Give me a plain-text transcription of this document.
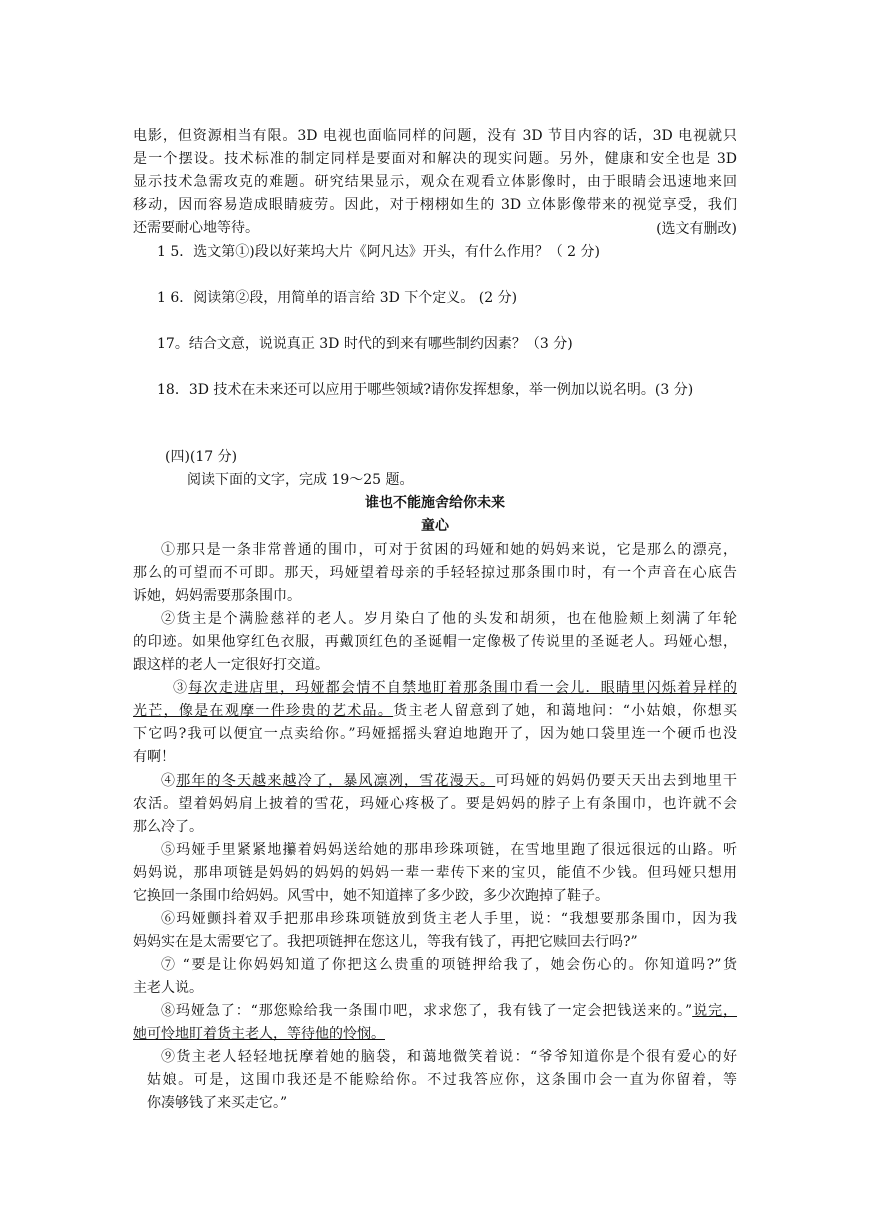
电影，但资源相当有限。3D 电视也面临同样的问题，没有 3D 节目内容的话，3D 电视就只
是一个摆设。技术标准的制定同样是要面对和解决的现实问题。另外，健康和安全也是 3D
显示技术急需攻克的难题。研究结果显示，观众在观看立体影像时，由于眼睛会迅速地来回
移动，因而容易造成眼睛疲劳。因此，对于栩栩如生的 3D 立体影像带来的视觉享受，我们
还需要耐心地等待。	(选文有删改)
1 5．选文第①)段以好莱坞大片《阿凡达》开头，有什么作用？（ 2 分)
1 6．阅读第②段，用简单的语言给 3D 下个定义。 (2 分)
17。结合文意，说说真正 3D 时代的到来有哪些制约因素？（3 分)
18．3D 技术在未来还可以应用于哪些领域?请你发挥想象，举一例加以说名明。(3 分)
(四)(17 分)
阅读下面的文字，完成 19～25 题。
谁也不能施舍给你未来
童心
①那只是一条非常普通的围巾，可对于贫困的玛娅和她的妈妈来说，它是那么的漂亮，
那么的可望而不可即。那天，玛娅望着母亲的手轻轻掠过那条围巾时，有一个声音在心底告
诉她，妈妈需要那条围巾。
②货主是个满脸慈祥的老人。岁月染白了他的头发和胡须，也在他脸颊上刻满了年轮
的印迹。如果他穿红色衣服，再戴顶红色的圣诞帽一定像极了传说里的圣诞老人。玛娅心想，
跟这样的老人一定很好打交道。
③每次走进店里，玛娅都会情不自禁地盯着那条围巾看一会儿．眼睛里闪烁着异样的
光芒，像是在观摩一件珍贵的艺术品。货主老人留意到了她，和蔼地问：“小姑娘，你想买
下它吗?我可以便宜一点卖给你。”玛娅摇摇头窘迫地跑开了，因为她口袋里连一个硬币也没
有啊！
④那年的冬天越来越冷了，暴风凛冽，雪花漫天。可玛娅的妈妈仍要天天出去到地里干
农活。望着妈妈肩上披着的雪花，玛娅心疼极了。要是妈妈的脖子上有条围巾，也许就不会
那么冷了。
⑤玛娅手里紧紧地攥着妈妈送给她的那串珍珠项链，在雪地里跑了很远很远的山路。听
妈妈说，那串项链是妈妈的妈妈的妈妈一辈一辈传下来的宝贝，能值不少钱。但玛娅只想用
它换回一条围巾给妈妈。风雪中，她不知道摔了多少跤，多少次跑掉了鞋子。
⑥玛娅颤抖着双手把那串珍珠项链放到货主老人手里，说：“我想要那条围巾，因为我
妈妈实在是太需要它了。我把项链押在您这儿，等我有钱了，再把它赎回去行吗?”
⑦ “要是让你妈妈知道了你把这么贵重的项链押给我了，她会伤心的。你知道吗?”货
主老人说。
⑧玛娅急了：“那您赊给我一条围巾吧，求求您了，我有钱了一定会把钱送来的。”说完，
她可怜地盯着货主老人，等待他的怜悯。
⑨货主老人轻轻地抚摩着她的脑袋，和蔼地微笑着说：“爷爷知道你是个很有爱心的好
姑娘。可是，这围巾我还是不能赊给你。不过我答应你，这条围巾会一直为你留着，等
你凑够钱了来买走它。”
